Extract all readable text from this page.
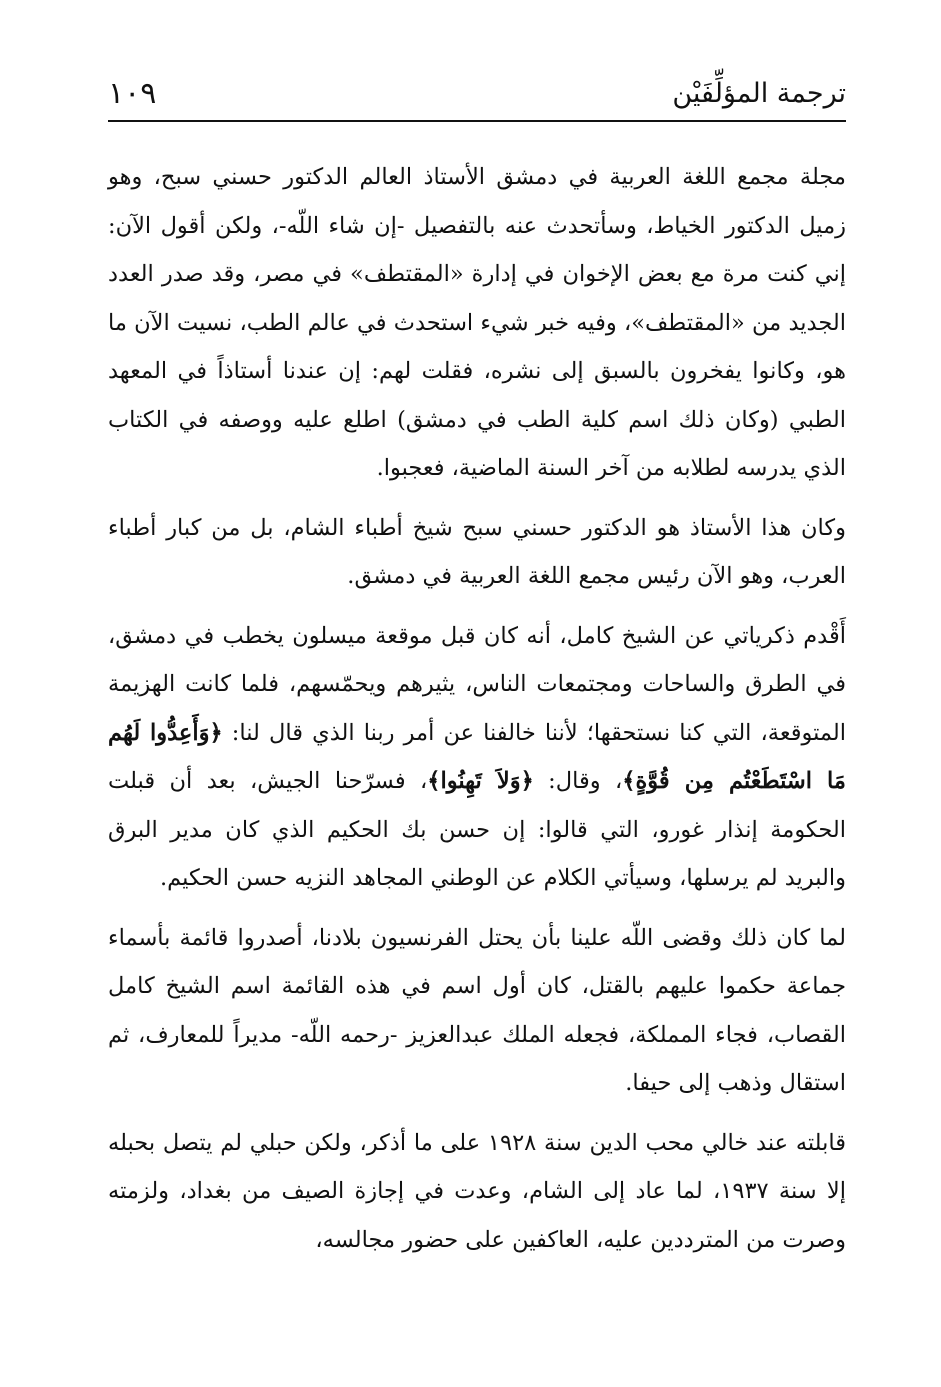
ترجمة المؤلِّفَيْن
١٠٩

مجلة مجمع اللغة العربية في دمشق الأستاذ العالم الدكتور حسني سبح، وهو زميل الدكتور الخياط، وسأتحدث عنه بالتفصيل -إن شاء اللّه-، ولكن أقول الآن: إني كنت مرة مع بعض الإخوان في إدارة «المقتطف» في مصر، وقد صدر العدد الجديد من «المقتطف»، وفيه خبر شيء استحدث في عالم الطب، نسيت الآن ما هو، وكانوا يفخرون بالسبق إلى نشره، فقلت لهم: إن عندنا أستاذاً في المعهد الطبي (وكان ذلك اسم كلية الطب في دمشق) اطلع عليه ووصفه في الكتاب الذي يدرسه لطلابه من آخر السنة الماضية، فعجبوا.

وكان هذا الأستاذ هو الدكتور حسني سبح شيخ أطباء الشام، بل من كبار أطباء العرب، وهو الآن رئيس مجمع اللغة العربية في دمشق.

أَقْدم ذكرياتي عن الشيخ كامل، أنه كان قبل موقعة ميسلون يخطب في دمشق، في الطرق والساحات ومجتمعات الناس، يثيرهم ويحمّسهم، فلما كانت الهزيمة المتوقعة، التي كنا نستحقها؛ لأننا خالفنا عن أمر ربنا الذي قال لنا: ﴿وَأَعِدُّوا لَهُم مَا اسْتَطَعْتُم مِن قُوَّةٍ﴾، وقال: ﴿وَلاَ تَهِنُوا﴾، فسرّحنا الجيش، بعد أن قبلت الحكومة إنذار غورو، التي قالوا: إن حسن بك الحكيم الذي كان مدير البرق والبريد لم يرسلها، وسيأتي الكلام عن الوطني المجاهد النزيه حسن الحكيم.

لما كان ذلك وقضى اللّه علينا بأن يحتل الفرنسيون بلادنا، أصدروا قائمة بأسماء جماعة حكموا عليهم بالقتل، كان أول اسم في هذه القائمة اسم الشيخ كامل القصاب، فجاء المملكة، فجعله الملك عبدالعزيز -رحمه اللّه- مديراً للمعارف، ثم استقال وذهب إلى حيفا.

قابلته عند خالي محب الدين سنة ١٩٢٨ على ما أذكر، ولكن حبلي لم يتصل بحبله إلا سنة ١٩٣٧، لما عاد إلى الشام، وعدت في إجازة الصيف من بغداد، ولزمته وصرت من المترددين عليه، العاكفين على حضور مجالسه،
